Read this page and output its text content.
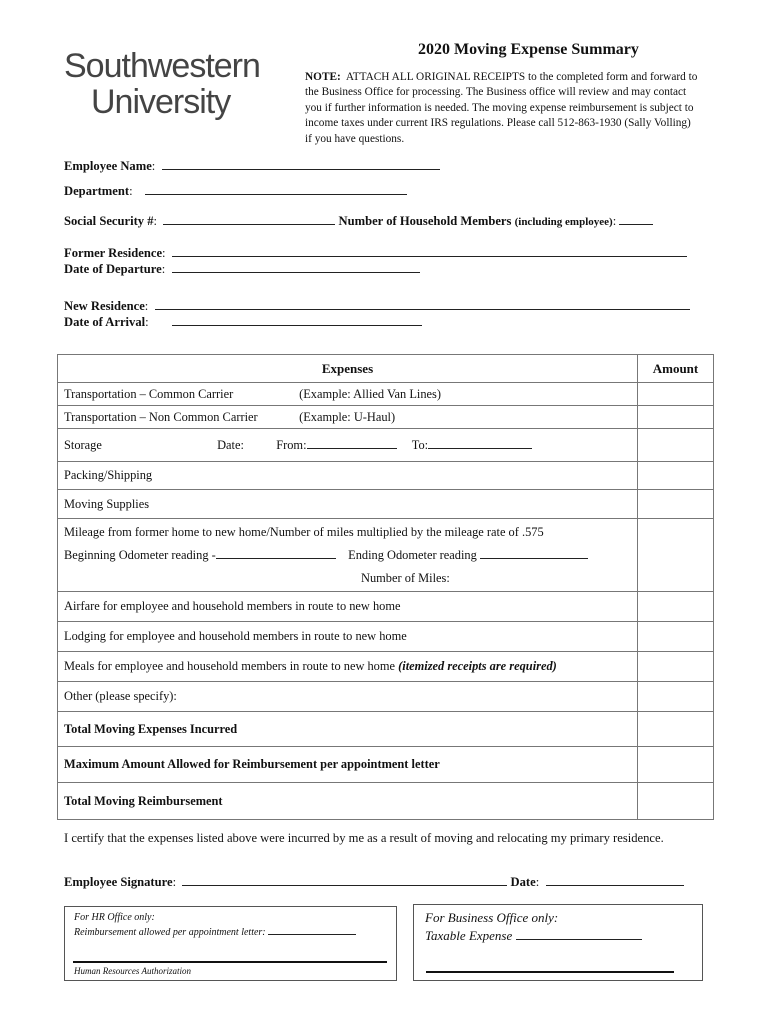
Southwestern
University
2020 Moving Expense Summary
NOTE: ATTACH ALL ORIGINAL RECEIPTS to the completed form and forward to the Business Office for processing. The Business office will review and may contact you if further information is needed. The moving expense reimbursement is subject to income taxes under current IRS regulations. Please call 512-863-1930 (Sally Volling) if you have questions.
Employee Name:
Department:
Social Security #:	Number of Household Members (including employee):
Former Residence:
Date of Departure:
New Residence:
Date of Arrival:
Expenses	Amount
Transportation – Common Carrier (Example: Allied Van Lines)	
Transportation – Non Common Carrier (Example: U-Haul)	
Storage Date: From: To:	
Packing/Shipping	
Moving Supplies	

Mileage from former home to new home/Number of miles multiplied by the mileage rate of .575
Beginning Odometer reading - Ending Odometer reading
Number of Miles:	

Airfare for employee and household members in route to new home	
Lodging for employee and household members in route to new home	
Meals for employee and household members in route to new home (itemized receipts are required)	
Other (please specify):	
Total Moving Expenses Incurred	
Maximum Amount Allowed for Reimbursement per appointment letter	
Total Moving Reimbursement	
I certify that the expenses listed above were incurred by me as a result of moving and relocating my primary residence.
Employee Signature:	Date:
For HR Office only:
Reimbursement allowed per appointment letter:
Human Resources Authorization
For Business Office only:
Taxable Expense
